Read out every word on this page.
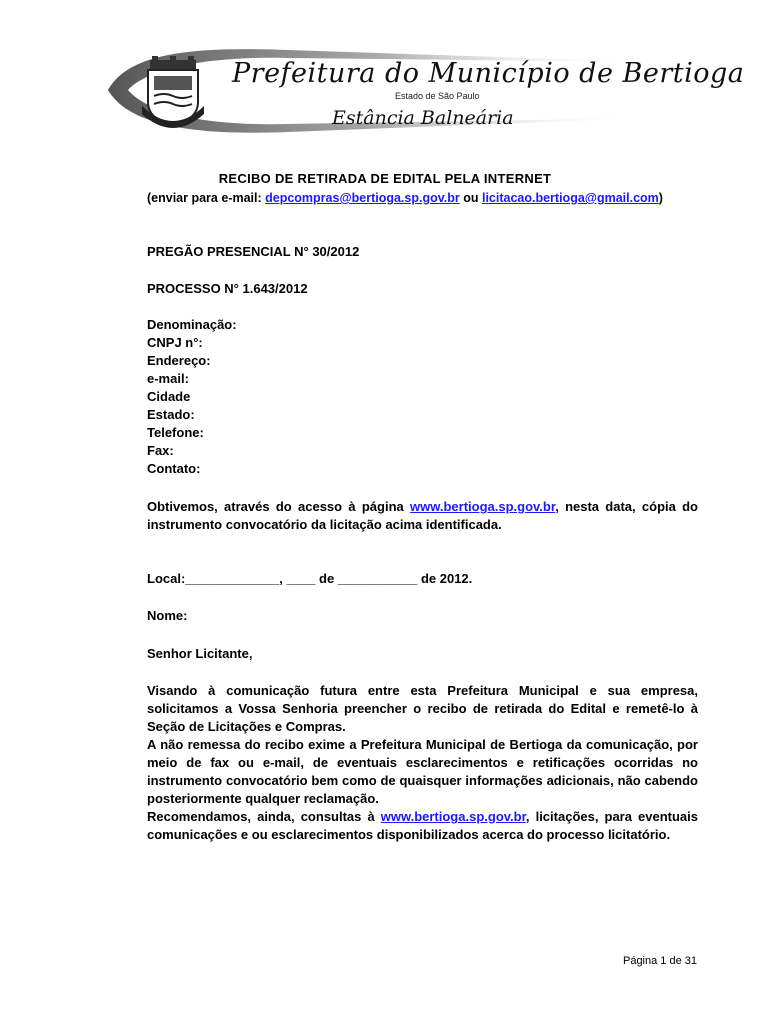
Prefeitura do Município de Bertioga
Estado de São Paulo
Estância Balneária
RECIBO DE RETIRADA DE EDITAL PELA INTERNET
(enviar para e-mail: depcompras@bertioga.sp.gov.br ou licitacao.bertioga@gmail.com)
PREGÃO PRESENCIAL N° 30/2012
PROCESSO N° 1.643/2012
Denominação:
CNPJ n°:
Endereço:
e-mail:
Cidade
Estado:
Telefone:
Fax:
Contato:

Obtivemos, através do acesso à página www.bertioga.sp.gov.br, nesta data, cópia do instrumento convocatório da licitação acima identificada.

Local:_____________, ____ de ___________ de 2012.
Nome:
Senhor Licitante,

Visando à comunicação futura entre esta Prefeitura Municipal e sua empresa, solicitamos a Vossa Senhoria preencher o recibo de retirada do Edital e remetê-lo à Seção de Licitações e Compras.

A não remessa do recibo exime a Prefeitura Municipal de Bertioga da comunicação, por meio de fax ou e-mail, de eventuais esclarecimentos e retificações ocorridas no instrumento convocatório bem como de quaisquer informações adicionais, não cabendo posteriormente qualquer reclamação.

Recomendamos, ainda, consultas à www.bertioga.sp.gov.br, licitações, para eventuais comunicações e ou esclarecimentos disponibilizados acerca do processo licitatório.

Página 1 de 31
